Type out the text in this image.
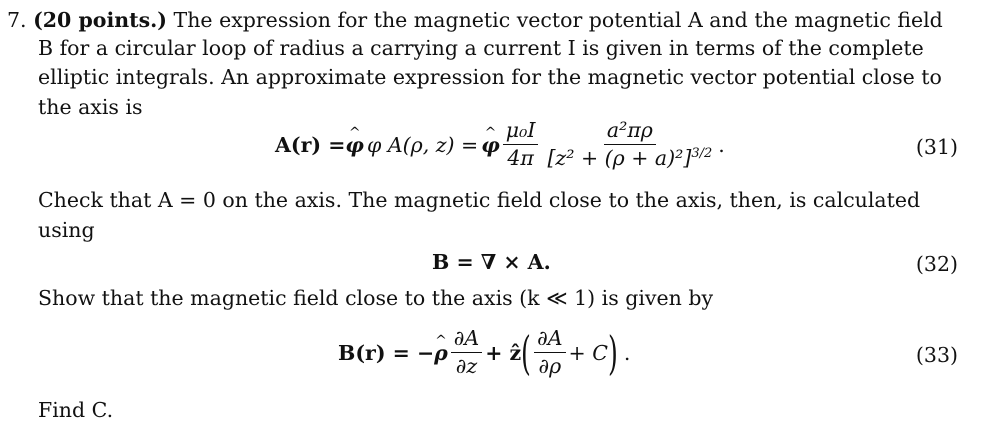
7. (20 points.) The expression for the magnetic vector potential A and the magnetic field
B for a circular loop of radius a carrying a current I is given in terms of the complete
elliptic integrals. An approximate expression for the magnetic vector potential close to
the axis is
A(r) = ^ φ φ A(ρ, z) = ^ φ $\frac{\text{μ₀I}}{4\pi} \frac{\text{a²πρ}}{[z^2 + (\rho + a)^2]^{3/2}}$ .	(31)
Check that A = 0 on the axis. The magnetic field close to the axis, then, is calculated
using
B = ∇ × A.	(32)
Show that the magnetic field close to the axis (k ≪ 1) is given by
B(r) = − ^ ρ $\frac{\partial A}{\partial z}$ + ẑ ( $\frac{\partial A}{\partial\rho} + C$ ) .	(33)
Find C.
